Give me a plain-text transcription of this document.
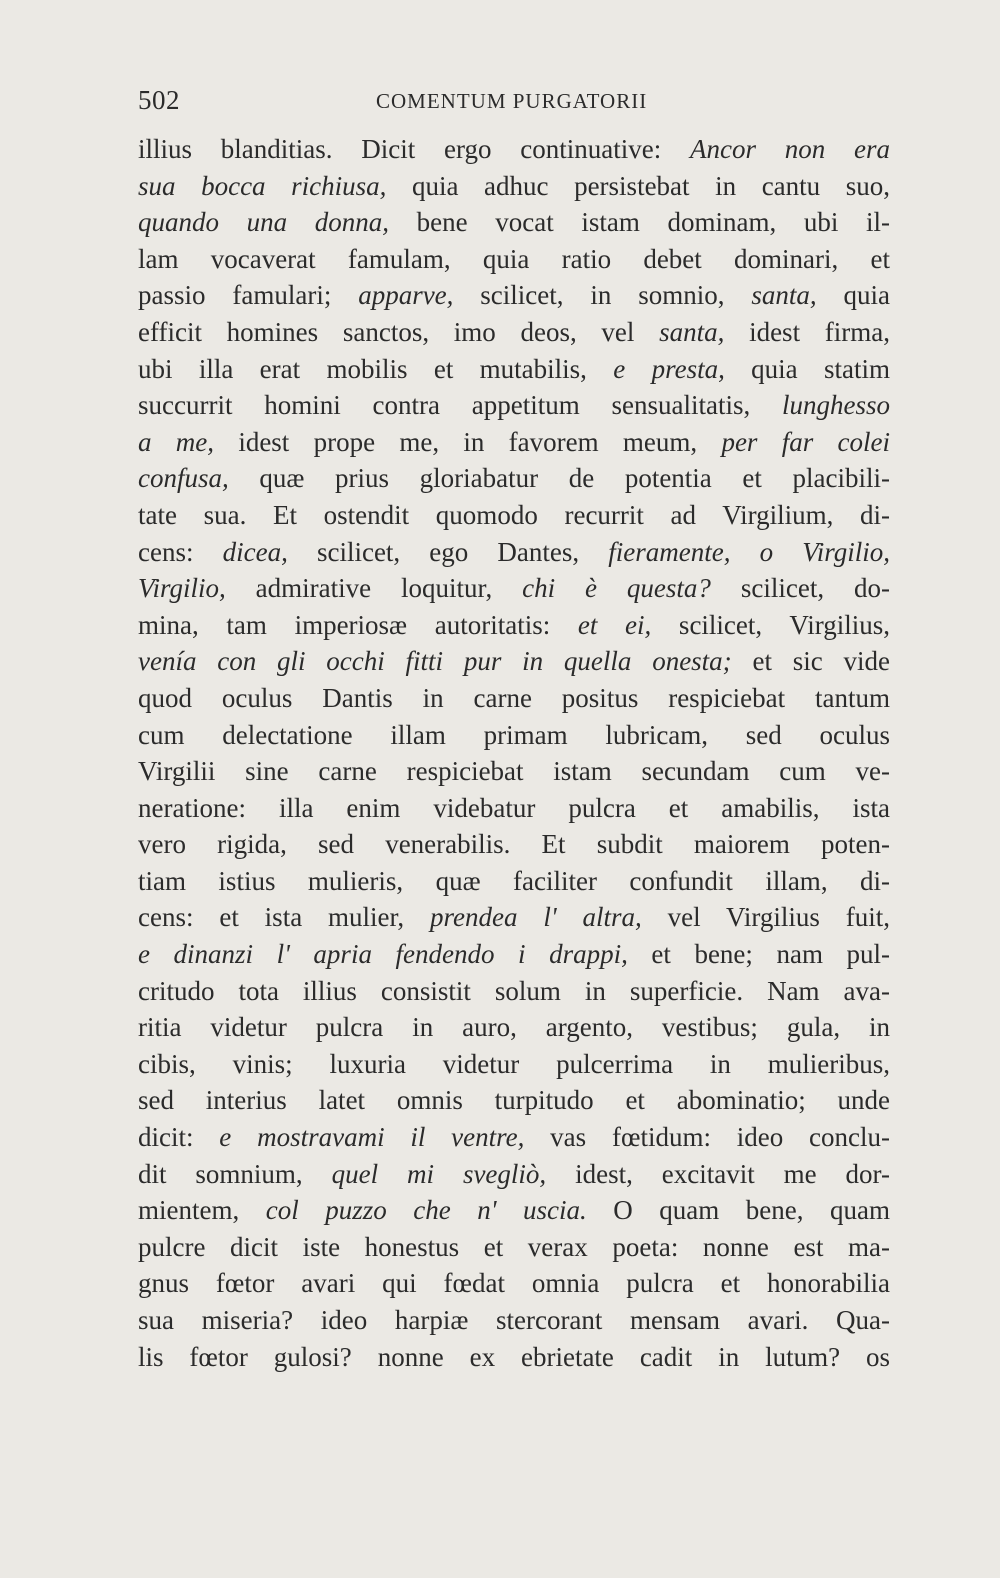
502	COMENTUM PURGATORII
illius blanditias. Dicit ergo continuative: Ancor non era
sua bocca richiusa, quia adhuc persistebat in cantu suo,
quando una donna, bene vocat istam dominam, ubi il-
lam vocaverat famulam, quia ratio debet dominari, et
passio famulari; apparve, scilicet, in somnio, santa, quia
efficit homines sanctos, imo deos, vel santa, idest firma,
ubi illa erat mobilis et mutabilis, e presta, quia statim
succurrit homini contra appetitum sensualitatis, lunghesso
a me, idest prope me, in favorem meum, per far colei
confusa, quæ prius gloriabatur de potentia et placibili-
tate sua. Et ostendit quomodo recurrit ad Virgilium, di-
cens: dicea, scilicet, ego Dantes, fieramente, o Virgilio,
Virgilio, admirative loquitur, chi è questa? scilicet, do-
mina, tam imperiosæ autoritatis: et ei, scilicet, Virgilius,
venía con gli occhi fitti pur in quella onesta; et sic vide
quod oculus Dantis in carne positus respiciebat tantum
cum delectatione illam primam lubricam, sed oculus
Virgilii sine carne respiciebat istam secundam cum ve-
neratione: illa enim videbatur pulcra et amabilis, ista
vero rigida, sed venerabilis. Et subdit maiorem poten-
tiam istius mulieris, quæ faciliter confundit illam, di-
cens: et ista mulier, prendea l' altra, vel Virgilius fuit,
e dinanzi l' apria fendendo i drappi, et bene; nam pul-
critudo tota illius consistit solum in superficie. Nam ava-
ritia videtur pulcra in auro, argento, vestibus; gula, in
cibis, vinis; luxuria videtur pulcerrima in mulieribus,
sed interius latet omnis turpitudo et abominatio; unde
dicit: e mostravami il ventre, vas fœtidum: ideo conclu-
dit somnium, quel mi svegliò, idest, excitavit me dor-
mientem, col puzzo che n' uscia. O quam bene, quam
pulcre dicit iste honestus et verax poeta: nonne est ma-
gnus fœtor avari qui fœdat omnia pulcra et honorabilia
sua miseria? ideo harpiæ stercorant mensam avari. Qua-
lis fœtor gulosi? nonne ex ebrietate cadit in lutum? os
